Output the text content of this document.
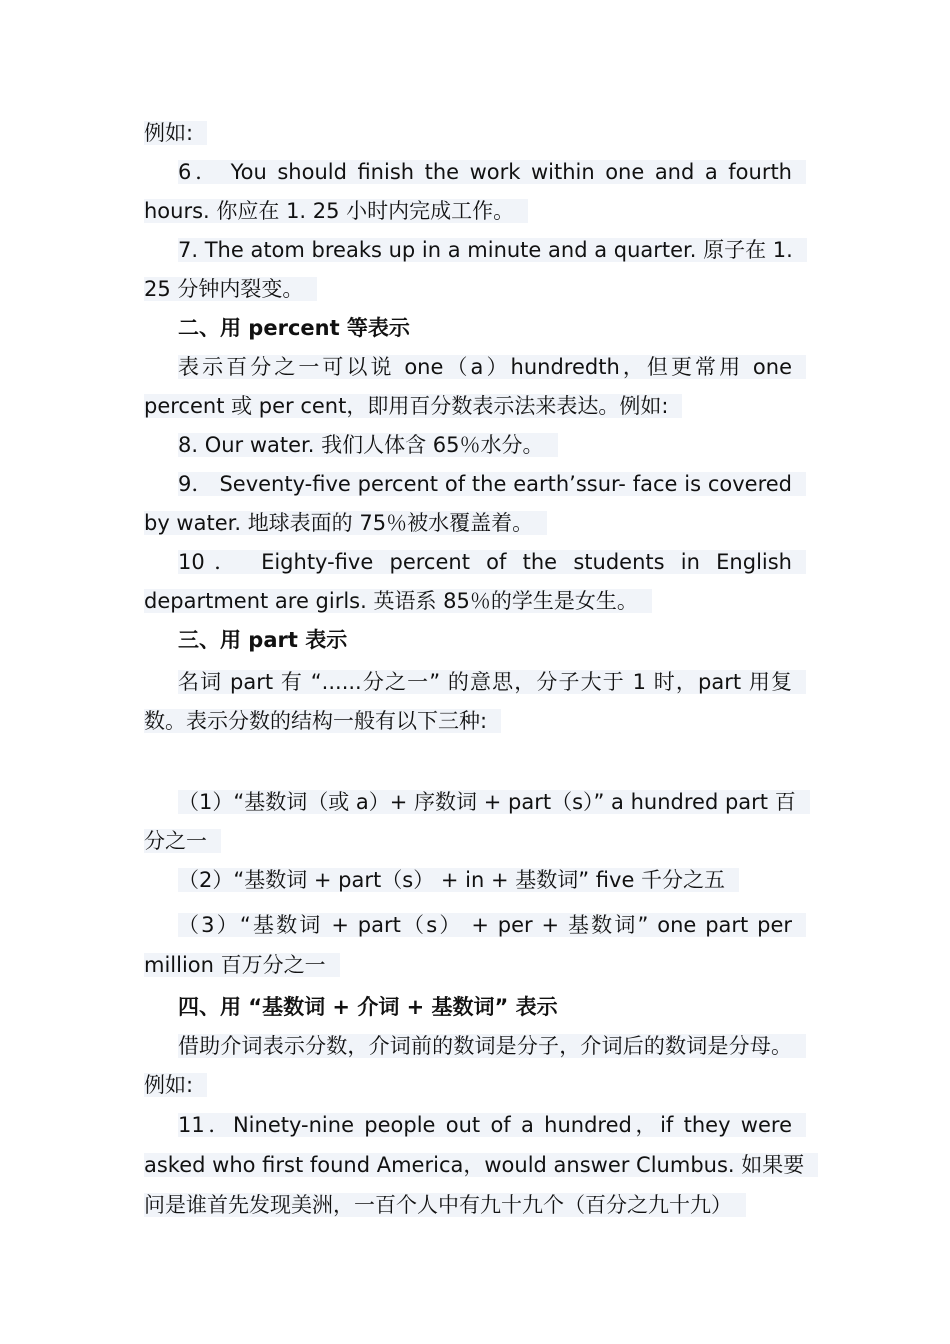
例如:

6． You should finish the work within one and a fourth hours. 你应在 1. 25 小时内完成工作。

7. The atom breaks up in a minute and a quarter. 原子在 1. 25 分钟内裂变。

二、用 percent 等表示

表示百分之一可以说 one（a）hundredth，但更常用 one percent 或 per cent，即用百分数表示法来表达。例如:

8. Our water. 我们人体含 65％水分。

9． Seventy-five percent of the earth’ssur- face is covered by water. 地球表面的 75％被水覆盖着。

10． Eighty-five percent of the students in English department are girls. 英语系 85％的学生是女生。

三、用 part 表示

名词 part 有 “......分之一” 的意思，分子大于 1 时，part 用复数。表示分数的结构一般有以下三种:

（1）“基数词（或 a）+ 序数词 + part（s）” a hundred part 百分之一

（2）“基数词 + part（s） + in + 基数词” five 千分之五

（3）“基数词 + part（s） + per + 基数词” one part per million 百万分之一

四、用 “基数词 + 介词 + 基数词” 表示

借助介词表示分数，介词前的数词是分子，介词后的数词是分母。例如:

11．Ninety-nine people out of a hundred，if they were asked who first found America，would answer Clumbus. 如果要问是谁首先发现美洲，一百个人中有九十九个（百分之九十九）
